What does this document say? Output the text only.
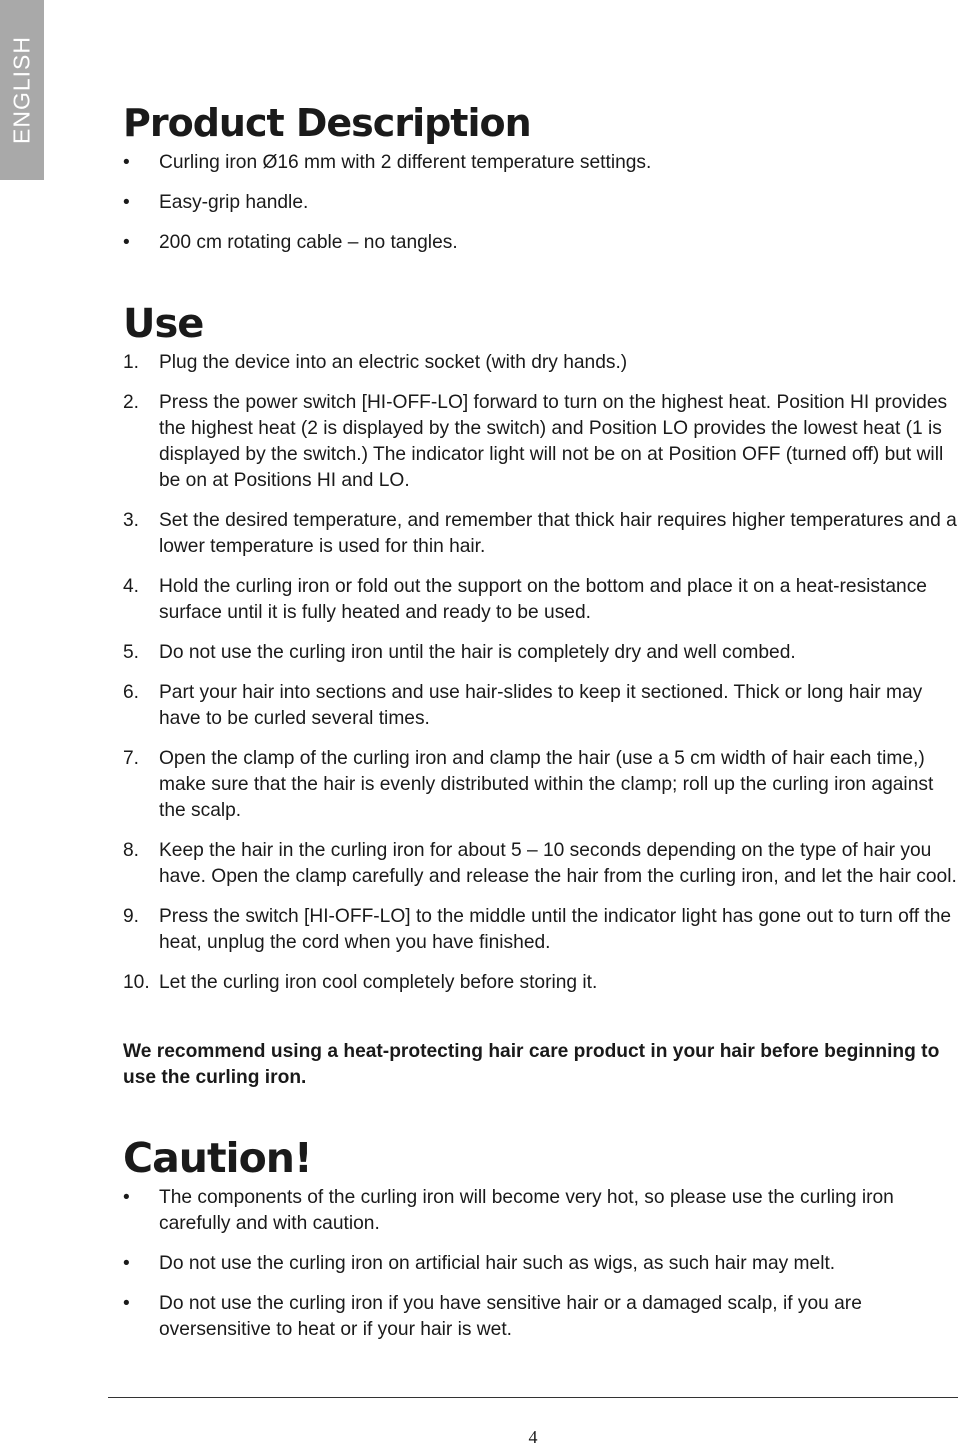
ENGLISH Product Description
• Curling iron Ø16 mm with 2 different temperature settings.
• Easy-grip handle.
• 200 cm rotating cable – no tangles.
Use
1. Plug the device into an electric socket (with dry hands.)
2. Press the power switch [HI-OFF-LO] forward to turn on the highest heat. Position HI provides the highest heat (2 is displayed by the switch) and Position LO provides the lowest heat (1 is displayed by the switch.) The indicator light will not be on at Position OFF (turned off) but will be on at Positions HI and LO.
3. Set the desired temperature, and remember that thick hair requires higher temperatures and a lower temperature is used for thin hair.
4. Hold the curling iron or fold out the support on the bottom and place it on a heat-resistance surface until it is fully heated and ready to be used.
5. Do not use the curling iron until the hair is completely dry and well combed.
6. Part your hair into sections and use hair-slides to keep it sectioned. Thick or long hair may have to be curled several times.
7. Open the clamp of the curling iron and clamp the hair (use a 5 cm width of hair each time,) make sure that the hair is evenly distributed within the clamp; roll up the curling iron against the scalp.
8. Keep the hair in the curling iron for about 5 – 10 seconds depending on the type of hair you have. Open the clamp carefully and release the hair from the curling iron, and let the hair cool.
9. Press the switch [HI-OFF-LO] to the middle until the indicator light has gone out to turn off the heat, unplug the cord when you have finished.
10. Let the curling iron cool completely before storing it.

We recommend using a heat-protecting hair care product in your hair before beginning to use the curling iron.

Caution!
• The components of the curling iron will become very hot, so please use the curling iron carefully and with caution.
• Do not use the curling iron on artificial hair such as wigs, as such hair may melt.
• Do not use the curling iron if you have sensitive hair or a damaged scalp, if you are oversensitive to heat or if your hair is wet.
4
